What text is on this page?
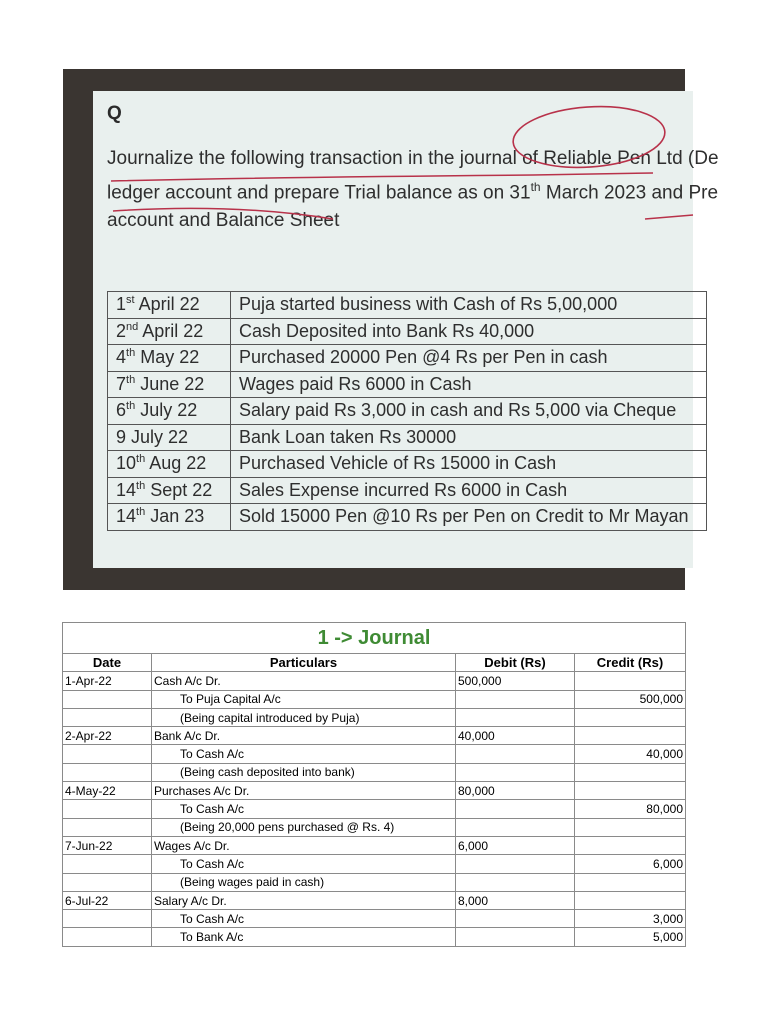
Q
Journalize the following transaction in the journal of Reliable Pen Ltd (De
ledger account and prepare Trial balance as on 31th March 2023 and Pre
account and Balance Sheet
1st April 22	Puja started business with Cash of Rs 5,00,000
2nd April 22	Cash Deposited into Bank Rs 40,000
4th May 22	Purchased 20000 Pen @4 Rs per Pen in cash
7th June 22	Wages paid Rs 6000 in Cash
6th July 22	Salary paid Rs 3,000 in cash and Rs 5,000 via Cheque
9 July 22	Bank Loan taken Rs 30000
10th Aug 22	Purchased Vehicle of Rs 15000 in Cash
14th Sept 22	Sales Expense incurred Rs 6000 in Cash
14th Jan 23	Sold 15000 Pen @10 Rs per Pen on Credit to Mr Mayan
1 -> Journal			
Date	Particulars	Debit (Rs)	Credit (Rs)
1-Apr-22	Cash A/c Dr.	500,000	
	To Puja Capital A/c		500,000
	(Being capital introduced by Puja)		
2-Apr-22	Bank A/c Dr.	40,000	
	To Cash A/c		40,000
	(Being cash deposited into bank)		
4-May-22	Purchases A/c Dr.	80,000	
	To Cash A/c		80,000
	(Being 20,000 pens purchased @ Rs. 4)		
7-Jun-22	Wages A/c Dr.	6,000	
	To Cash A/c		6,000
	(Being wages paid in cash)		
6-Jul-22	Salary A/c Dr.	8,000	
	To Cash A/c		3,000
	To Bank A/c		5,000
